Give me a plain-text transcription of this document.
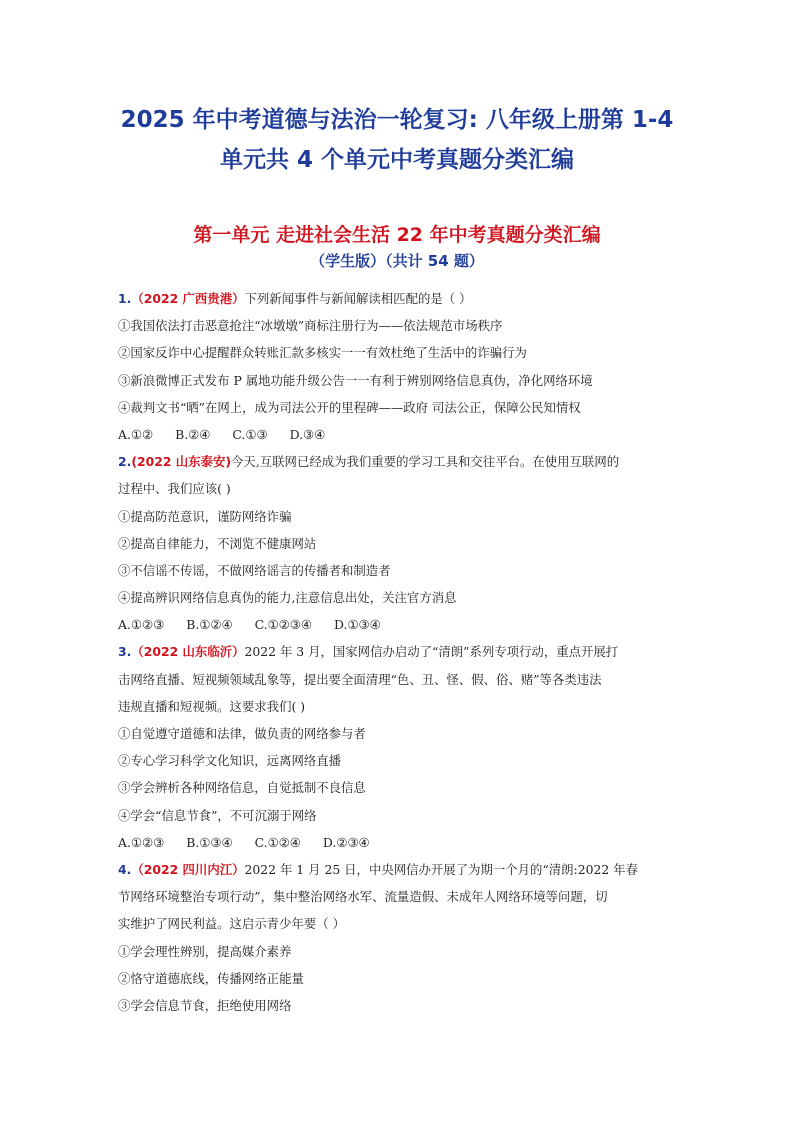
2025 年中考道德与法治一轮复习: 八年级上册第 1-4
单元共 4 个单元中考真题分类汇编
第一单元 走进社会生活 22 年中考真题分类汇编
（学生版）（共计 54 题）
1.（2022 广西贵港）下列新闻事件与新闻解读相匹配的是（ ）
①我国依法打击恶意抢注“冰墩墩”商标注册行为——依法规范市场秩序
②国家反诈中心提醒群众转账汇款多核实一一有效杜绝了生活中的诈骗行为
③新浪微博正式发布 P 属地功能升级公告一一有利于辨别网络信息真伪，净化网络环境
④裁判文书“晒”在网上，成为司法公开的里程碑——政府 司法公正，保障公民知情权
A.①② B.②④ C.①③ D.③④
2.(2022 山东泰安)今天,互联网已经成为我们重要的学习工具和交往平台。在使用互联网的
过程中、我们应该( )
①提高防范意识，谨防网络诈骗
②提高自律能力，不浏览不健康网站
③不信谣不传谣，不做网络谣言的传播者和制造者
④提高辨识网络信息真伪的能力,注意信息出处，关注官方消息
A.①②③ B.①②④ C.①②③④ D.①③④
3.（2022 山东临沂）2022 年 3 月，国家网信办启动了“清朗”系列专项行动，重点开展打
击网络直播、短视频领域乱象等，提出要全面清理“色、丑、怪、假、俗、赌”等各类违法
违规直播和短视频。这要求我们( )
①自觉遵守道德和法律，做负责的网络参与者
②专心学习科学文化知识，远离网络直播
③学会辨析各种网络信息，自觉抵制不良信息
④学会“信息节食”，不可沉溺于网络
A.①②③ B.①③④ C.①②④ D.②③④
4.（2022 四川内江）2022 年 1 月 25 日，中央网信办开展了为期一个月的“清朗:2022 年春
节网络环境整治专项行动”，集中整治网络水军、流量造假、未成年人网络环境等问题，切
实维护了网民利益。这启示青少年要（ ）
①学会理性辨别，提高媒介素养
②恪守道德底线，传播网络正能量
③学会信息节食，拒绝使用网络
